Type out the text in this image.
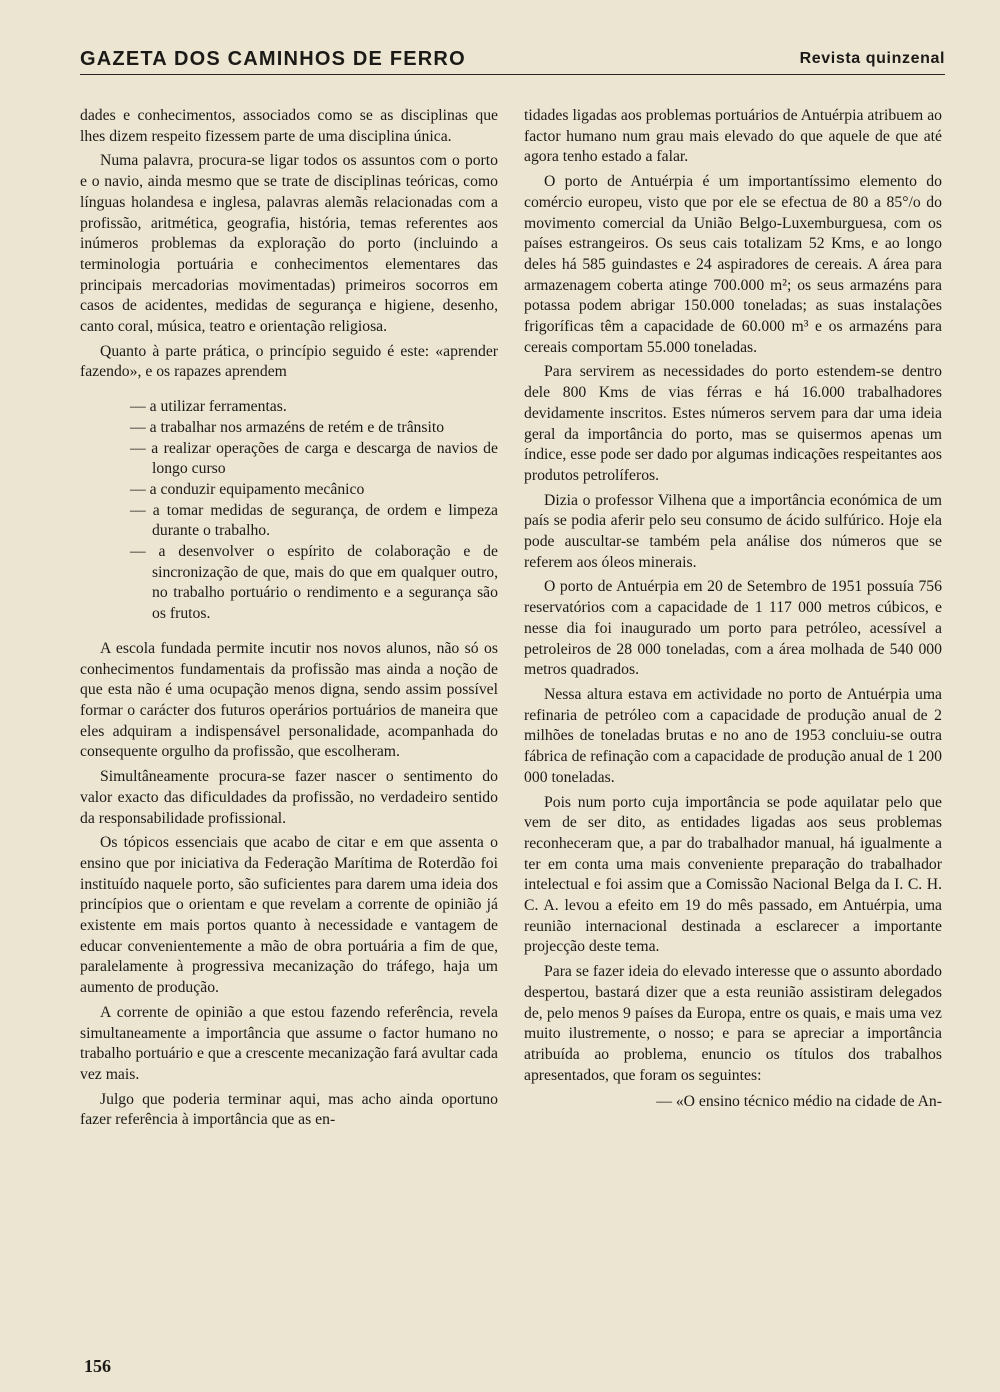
GAZETA DOS CAMINHOS DE FERRO	Revista quinzenal

dades e conhecimentos, associados como se as disciplinas que lhes dizem respeito fizessem parte de uma disciplina única.

Numa palavra, procura-se ligar todos os assuntos com o porto e o navio, ainda mesmo que se trate de disciplinas teóricas, como línguas holandesa e inglesa, palavras alemãs relacionadas com a profissão, aritmética, geografia, história, temas referentes aos inúmeros problemas da exploração do porto (incluindo a terminologia portuária e conhecimentos elementares das principais mercadorias movimentadas) primeiros socorros em casos de acidentes, medidas de segurança e higiene, desenho, canto coral, música, teatro e orientação religiosa.

Quanto à parte prática, o princípio seguido é este: «aprender fazendo», e os rapazes aprendem

— a utilizar ferramentas.
— a trabalhar nos armazéns de retém e de trânsito
— a realizar operações de carga e descarga de navios de longo curso
— a conduzir equipamento mecânico
— a tomar medidas de segurança, de ordem e limpeza durante o trabalho.
— a desenvolver o espírito de colaboração e de sincronização de que, mais do que em qualquer outro, no trabalho portuário o rendimento e a segurança são os frutos.

A escola fundada permite incutir nos novos alunos, não só os conhecimentos fundamentais da profissão mas ainda a noção de que esta não é uma ocupação menos digna, sendo assim possível formar o carácter dos futuros operários portuários de maneira que eles adquiram a indispensável personalidade, acompanhada do consequente orgulho da profissão, que escolheram.

Simultâneamente procura-se fazer nascer o sentimento do valor exacto das dificuldades da profissão, no verdadeiro sentido da responsabilidade profissional.

Os tópicos essenciais que acabo de citar e em que assenta o ensino que por iniciativa da Federação Marítima de Roterdão foi instituído naquele porto, são suficientes para darem uma ideia dos princípios que o orientam e que revelam a corrente de opinião já existente em mais portos quanto à necessidade e vantagem de educar convenientemente a mão de obra portuária a fim de que, paralelamente à progressiva mecanização do tráfego, haja um aumento de produção.

A corrente de opinião a que estou fazendo referência, revela simultaneamente a importância que assume o factor humano no trabalho portuário e que a crescente mecanização fará avultar cada vez mais.

Julgo que poderia terminar aqui, mas acho ainda oportuno fazer referência à importância que as en-

tidades ligadas aos problemas portuários de Antuérpia atribuem ao factor humano num grau mais elevado do que aquele de que até agora tenho estado a falar.

O porto de Antuérpia é um importantíssimo elemento do comércio europeu, visto que por ele se efectua de 80 a 85°/o do movimento comercial da União Belgo-Luxemburguesa, com os países estrangeiros. Os seus cais totalizam 52 Kms, e ao longo deles há 585 guindastes e 24 aspiradores de cereais. A área para armazenagem coberta atinge 700.000 m²; os seus armazéns para potassa podem abrigar 150.000 toneladas; as suas instalações frigoríficas têm a capacidade de 60.000 m³ e os armazéns para cereais comportam 55.000 toneladas.

Para servirem as necessidades do porto estendem-se dentro dele 800 Kms de vias férras e há 16.000 trabalhadores devidamente inscritos. Estes números servem para dar uma ideia geral da importância do porto, mas se quisermos apenas um índice, esse pode ser dado por algumas indicações respeitantes aos produtos petrolíferos.

Dizia o professor Vilhena que a importância económica de um país se podia aferir pelo seu consumo de ácido sulfúrico. Hoje ela pode auscultar-se também pela análise dos números que se referem aos óleos minerais.

O porto de Antuérpia em 20 de Setembro de 1951 possuía 756 reservatórios com a capacidade de 1 117 000 metros cúbicos, e nesse dia foi inaugurado um porto para petróleo, acessível a petroleiros de 28 000 toneladas, com a área molhada de 540 000 metros quadrados.

Nessa altura estava em actividade no porto de Antuérpia uma refinaria de petróleo com a capacidade de produção anual de 2 milhões de toneladas brutas e no ano de 1953 concluiu-se outra fábrica de refinação com a capacidade de produção anual de 1 200 000 toneladas.

Pois num porto cuja importância se pode aquilatar pelo que vem de ser dito, as entidades ligadas aos seus problemas reconheceram que, a par do trabalhador manual, há igualmente a ter em conta uma mais conveniente preparação do trabalhador intelectual e foi assim que a Comissão Nacional Belga da I. C. H. C. A. levou a efeito em 19 do mês passado, em Antuérpia, uma reunião internacional destinada a esclarecer a importante projecção deste tema.

Para se fazer ideia do elevado interesse que o assunto abordado despertou, bastará dizer que a esta reunião assistiram delegados de, pelo menos 9 países da Europa, entre os quais, e mais uma vez muito ilustremente, o nosso; e para se apreciar a importância atribuída ao problema, enuncio os títulos dos trabalhos apresentados, que foram os seguintes:

— «O ensino técnico médio na cidade de An-

156
